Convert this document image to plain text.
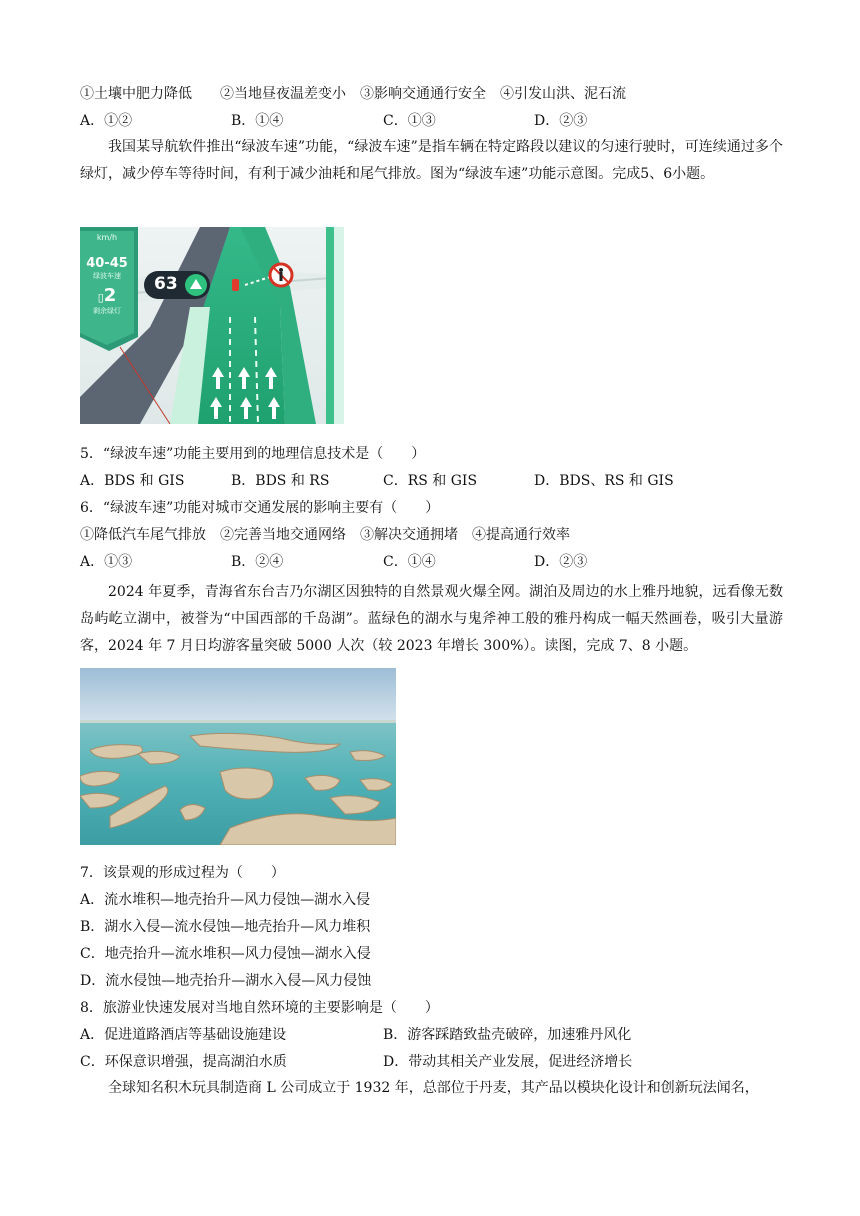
①土壤中肥力降低　　②当地昼夜温差变小　③影响交通通行安全　④引发山洪、泥石流
A．①②	B．①④	C．①③	D．②③

我国某导航软件推出“绿波车速”功能，“绿波车速”是指车辆在特定路段以建议的匀速行驶时，可连续通过多个绿灯，减少停车等待时间，有利于减少油耗和尾气排放。图为“绿波车速”功能示意图。完成5、6小题。

km/h
40-45
绿波车速
▯2
剩余绿灯
63
5．“绿波车速”功能主要用到的地理信息技术是（　　）
A．BDS 和 GIS	B．BDS 和 RS	C．RS 和 GIS	D．BDS、RS 和 GIS
6．“绿波车速”功能对城市交通发展的影响主要有（　　）
①降低汽车尾气排放　②完善当地交通网络　③解决交通拥堵　④提高通行效率
A．①③	B．②④	C．①④	D．②③

2024 年夏季，青海省东台吉乃尔湖区因独特的自然景观火爆全网。湖泊及周边的水上雅丹地貌，远看像无数岛屿屹立湖中，被誉为“中国西部的千岛湖”。蓝绿色的湖水与鬼斧神工般的雅丹构成一幅天然画卷，吸引大量游客，2024 年 7 月日均游客量突破 5000 人次（较 2023 年增长 300%）。读图，完成 7、8 小题。

7．该景观的形成过程为（　　）
A．流水堆积—地壳抬升—风力侵蚀—湖水入侵
B．湖水入侵—流水侵蚀—地壳抬升—风力堆积
C．地壳抬升—流水堆积—风力侵蚀—湖水入侵
D．流水侵蚀—地壳抬升—湖水入侵—风力侵蚀
8．旅游业快速发展对当地自然环境的主要影响是（　　）
A．促进道路酒店等基础设施建设	B．游客踩踏致盐壳破碎，加速雅丹风化
C．环保意识增强，提高湖泊水质	D．带动其相关产业发展，促进经济增长

全球知名积木玩具制造商 L 公司成立于 1932 年，总部位于丹麦，其产品以模块化设计和创新玩法闻名，
